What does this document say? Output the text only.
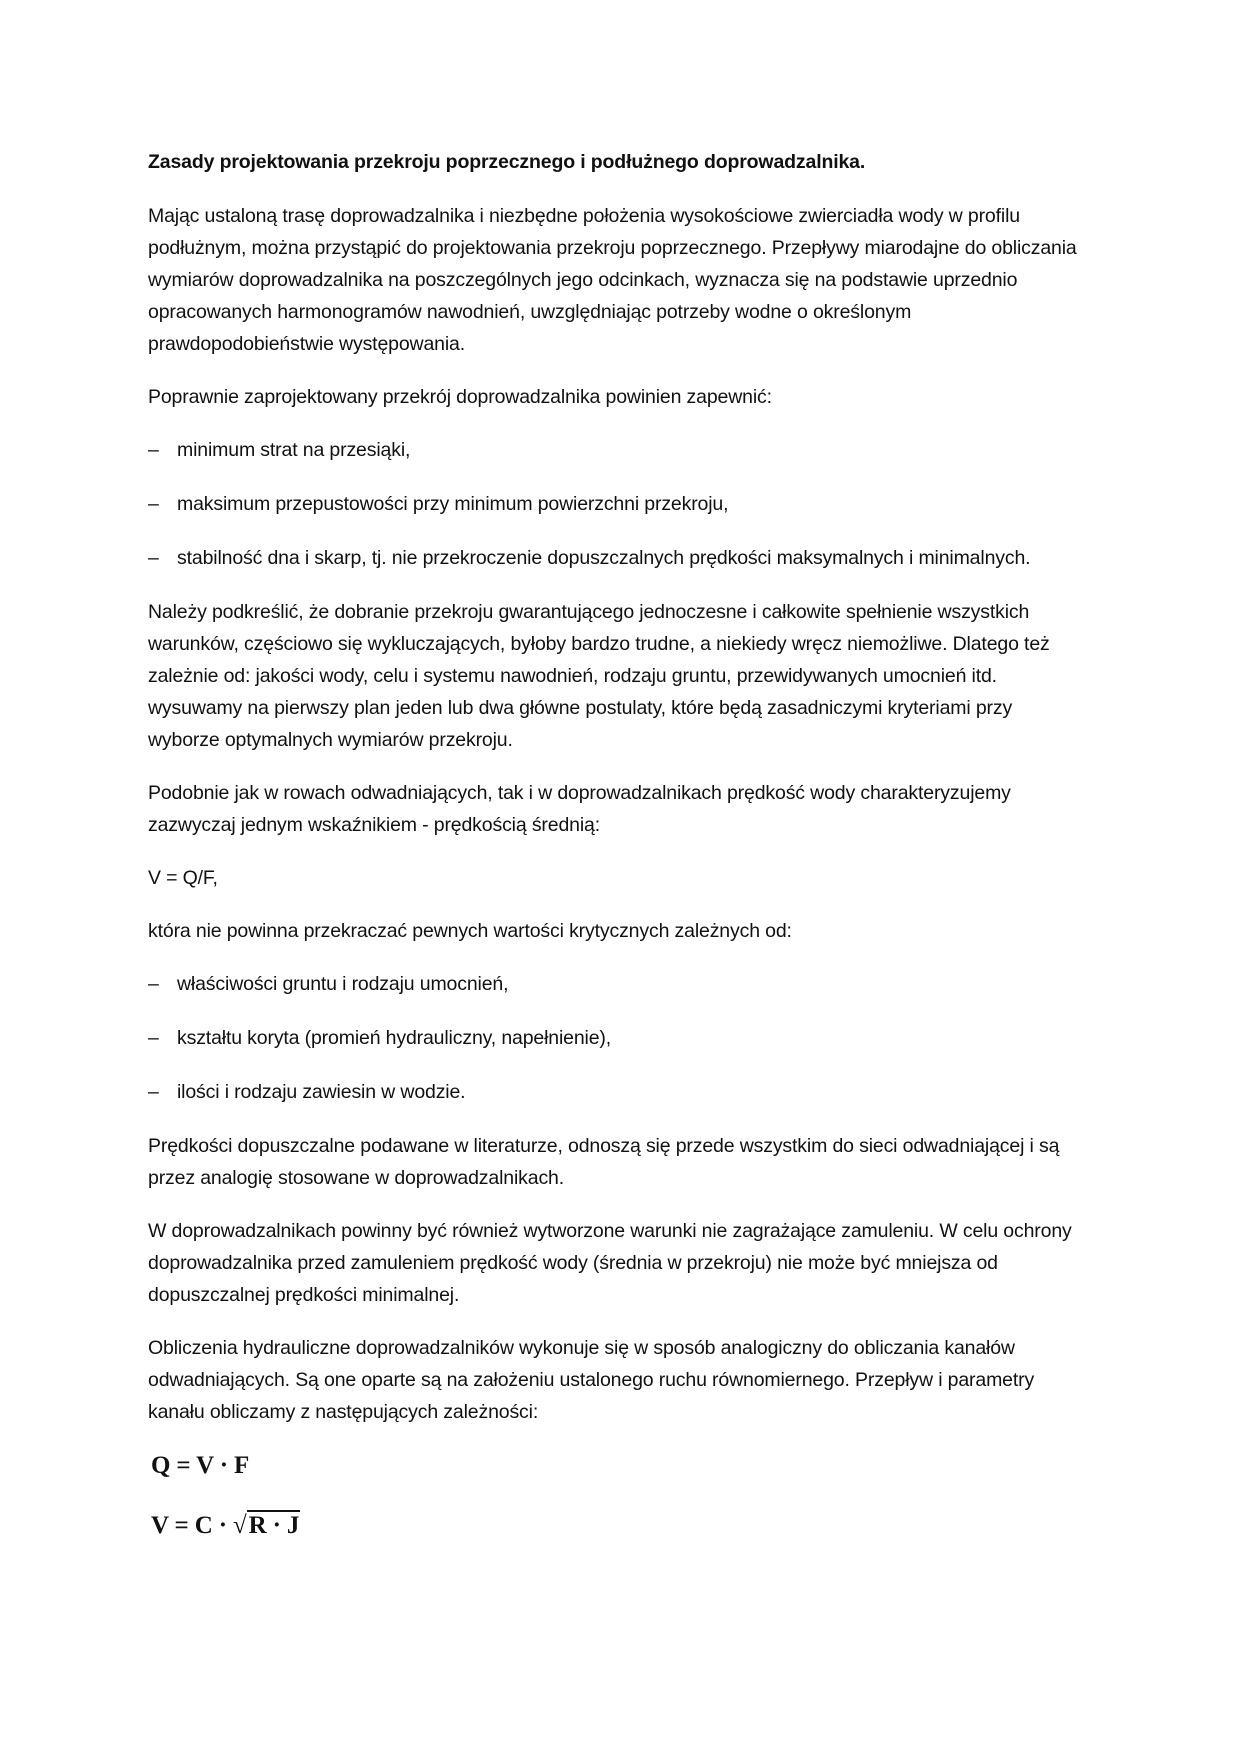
Zasady projektowania przekroju poprzecznego i podłużnego doprowadzalnika.
Mając ustaloną trasę doprowadzalnika i niezbędne położenia wysokościowe zwierciadła wody w profilu podłużnym, można przystąpić do projektowania przekroju poprzecznego. Przepływy miarodajne do obliczania wymiarów doprowadzalnika na poszczególnych jego odcinkach, wyznacza się na podstawie uprzednio opracowanych harmonogramów nawodnień, uwzględniając potrzeby wodne o określonym prawdopodobieństwie występowania.
Poprawnie zaprojektowany przekrój doprowadzalnika powinien zapewnić:
– minimum strat na przesiąki,
– maksimum przepustowości przy minimum powierzchni przekroju,
– stabilność dna i skarp, tj. nie przekroczenie dopuszczalnych prędkości maksymalnych i minimalnych.
Należy podkreślić, że dobranie przekroju gwarantującego jednoczesne i całkowite spełnienie wszystkich warunków, częściowo się wykluczających, byłoby bardzo trudne, a niekiedy wręcz niemożliwe. Dlatego też zależnie od: jakości wody, celu i systemu nawodnień, rodzaju gruntu, przewidywanych umocnień itd. wysuwamy na pierwszy plan jeden lub dwa główne postulaty, które będą zasadniczymi kryteriami przy wyborze optymalnych wymiarów przekroju.
Podobnie jak w rowach odwadniających, tak i w doprowadzalnikach prędkość wody charakteryzujemy zazwyczaj jednym wskaźnikiem - prędkością średnią:
V = Q/F,
która nie powinna przekraczać pewnych wartości krytycznych zależnych od:
– właściwości gruntu i rodzaju umocnień,
– kształtu koryta (promień hydrauliczny, napełnienie),
– ilości i rodzaju zawiesin w wodzie.
Prędkości dopuszczalne podawane w literaturze, odnoszą się przede wszystkim do sieci odwadniającej i są przez analogię stosowane w doprowadzalnikach.
W doprowadzalnikach powinny być również wytworzone warunki nie zagrażające zamuleniu. W celu ochrony doprowadzalnika przed zamuleniem prędkość wody (średnia w przekroju) nie może być mniejsza od dopuszczalnej prędkości minimalnej.
Obliczenia hydrauliczne doprowadzalników wykonuje się w sposób analogiczny do obliczania kanałów odwadniających. Są one oparte są na założeniu ustalonego ruchu równomiernego. Przepływ i parametry kanału obliczamy z następujących zależności:
Q = V · F
V = C · √R · J
